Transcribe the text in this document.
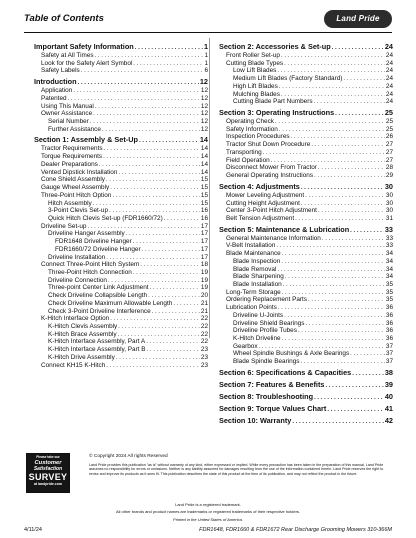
Table of Contents	Land Pride
Important Safety Information . . .	1
Safety at All Times . . .	1
Look for the Safety Alert Symbol . . .	1
Safety Labels . . .	6
Introduction . . .	12
Application . . .	12
Patented . . .	12
Using This Manual . . .	12
Owner Assistance . . .	12
Serial Number . . .	12
Further Assistance . . .	12
Section 1: Assembly & Set-Up . . .	14
Tractor Requirements . . .	14
Torque Requirements . . .	14
Dealer Preparations . . .	14
Vented Dipstick Installation . . .	14
Cone Shield Assembly . . .	15
Gauge Wheel Assembly . . .	15
Three-Point Hitch Option . . .	15
Hitch Assembly . . .	15
3-Point Clevis Set-up . . .	16
Quick Hitch Clevis Set-up (FDR1660/72) . . .	16
Driveline Set-up . . .	17
Driveline Hanger Assembly . . .	17
FDR1648 Driveline Hanger . . .	17
FDR1660/72 Driveline Hanger . . .	17
Driveline Installation . . .	17
Connect Three-Point Hitch System . . .	18
Three-Point Hitch Connection . . .	19
Driveline Connection . . .	19
Three-point Center Link Adjustment . . .	19
Check Driveline Collapsible Length . . .	20
Check Driveline Maximum Allowable Length . . .	21
Check 3-Point Driveline Interference . . .	21
K-Hitch Interface Option . . .	22
K-Hitch Clevis Assembly . . .	22
K-Hitch Brace Assembly . . .	22
K-Hitch Interface Assembly, Part A . . .	22
K-Hitch Interface Assembly, Part B . . .	23
K-Hitch Drive Assembly . . .	23
Connect KH15 K-Hitch . . .	23
Section 2: Accessories & Set-up . . .	24
Front Roller Set-up . . .	24
Cutting Blade Types . . .	24
Low Lift Blades . . .	24
Medium Lift Blades (Factory Standard) . . .	24
High Lift Blades . . .	24
Mulching Blades . . .	24
Cutting Blade Part Numbers . . .	24
Section 3: Operating Instructions . . .	25
Operating Check . . .	25
Safety Information . . .	25
Inspection Procedures . . .	26
Tractor Shut Down Procedure . . .	27
Transporting . . .	27
Field Operation . . .	27
Disconnect Mower From Tractor . . .	28
General Operating Instructions . . .	29
Section 4: Adjustments . . .	30
Mower Leveling Adjustment . . .	30
Cutting Height Adjustment . . .	30
Center 3-Point Hitch Adjustment . . .	30
Belt Tension Adjustment . . .	31
Section 5: Maintenance & Lubrication . . .	33
General Maintenance Information . . .	33
V-Belt Installation . . .	33
Blade Maintenance . . .	34
Blade Inspection . . .	34
Blade Removal . . .	34
Blade Sharpening . . .	34
Blade Installation . . .	35
Long-Term Storage . . .	35
Ordering Replacement Parts . . .	35
Lubrication Points . . .	36
Driveline U-Joints . . .	36
Driveline Shield Bearings . . .	36
Driveline Profile Tubes . . .	36
K-Hitch Driveline . . .	36
Gearbox . . .	37
Wheel Spindle Bushings & Axle Bearings . . .	37
Blade Spindle Bearings . . .	37
Section 6: Specifications & Capacities . . .	38
Section 7: Features & Benefits . . .	39
Section 8: Troubleshooting . . .	40
Section 9: Torque Values Chart . . .	41
Section 10: Warranty . . .	42
Please take our
Customer
Satisfaction
SURVEY
at landpride.com
© Copyright 2024 All rights Reserved
Land Pride provides this publication "as is" without warranty of any kind, either expressed or implied. While every precaution has been taken in the preparation of this manual, Land Pride assumes no responsibility for errors or omissions. Neither is any liability assumed for damages resulting from the use of the information contained herein. Land Pride reserves the right to revise and improve its products as it sees fit. This publication describes the state of this product at the time of its publication, and may not reflect the product in the future.
Land Pride is a registered trademark.
All other brands and product names are trademarks or registered trademarks of their respective holders.
Printed in the United States of America.
4/11/24	FDR1648, FDR1660 & FDR1672 Rear Discharge Grooming Mowers 310-366M
